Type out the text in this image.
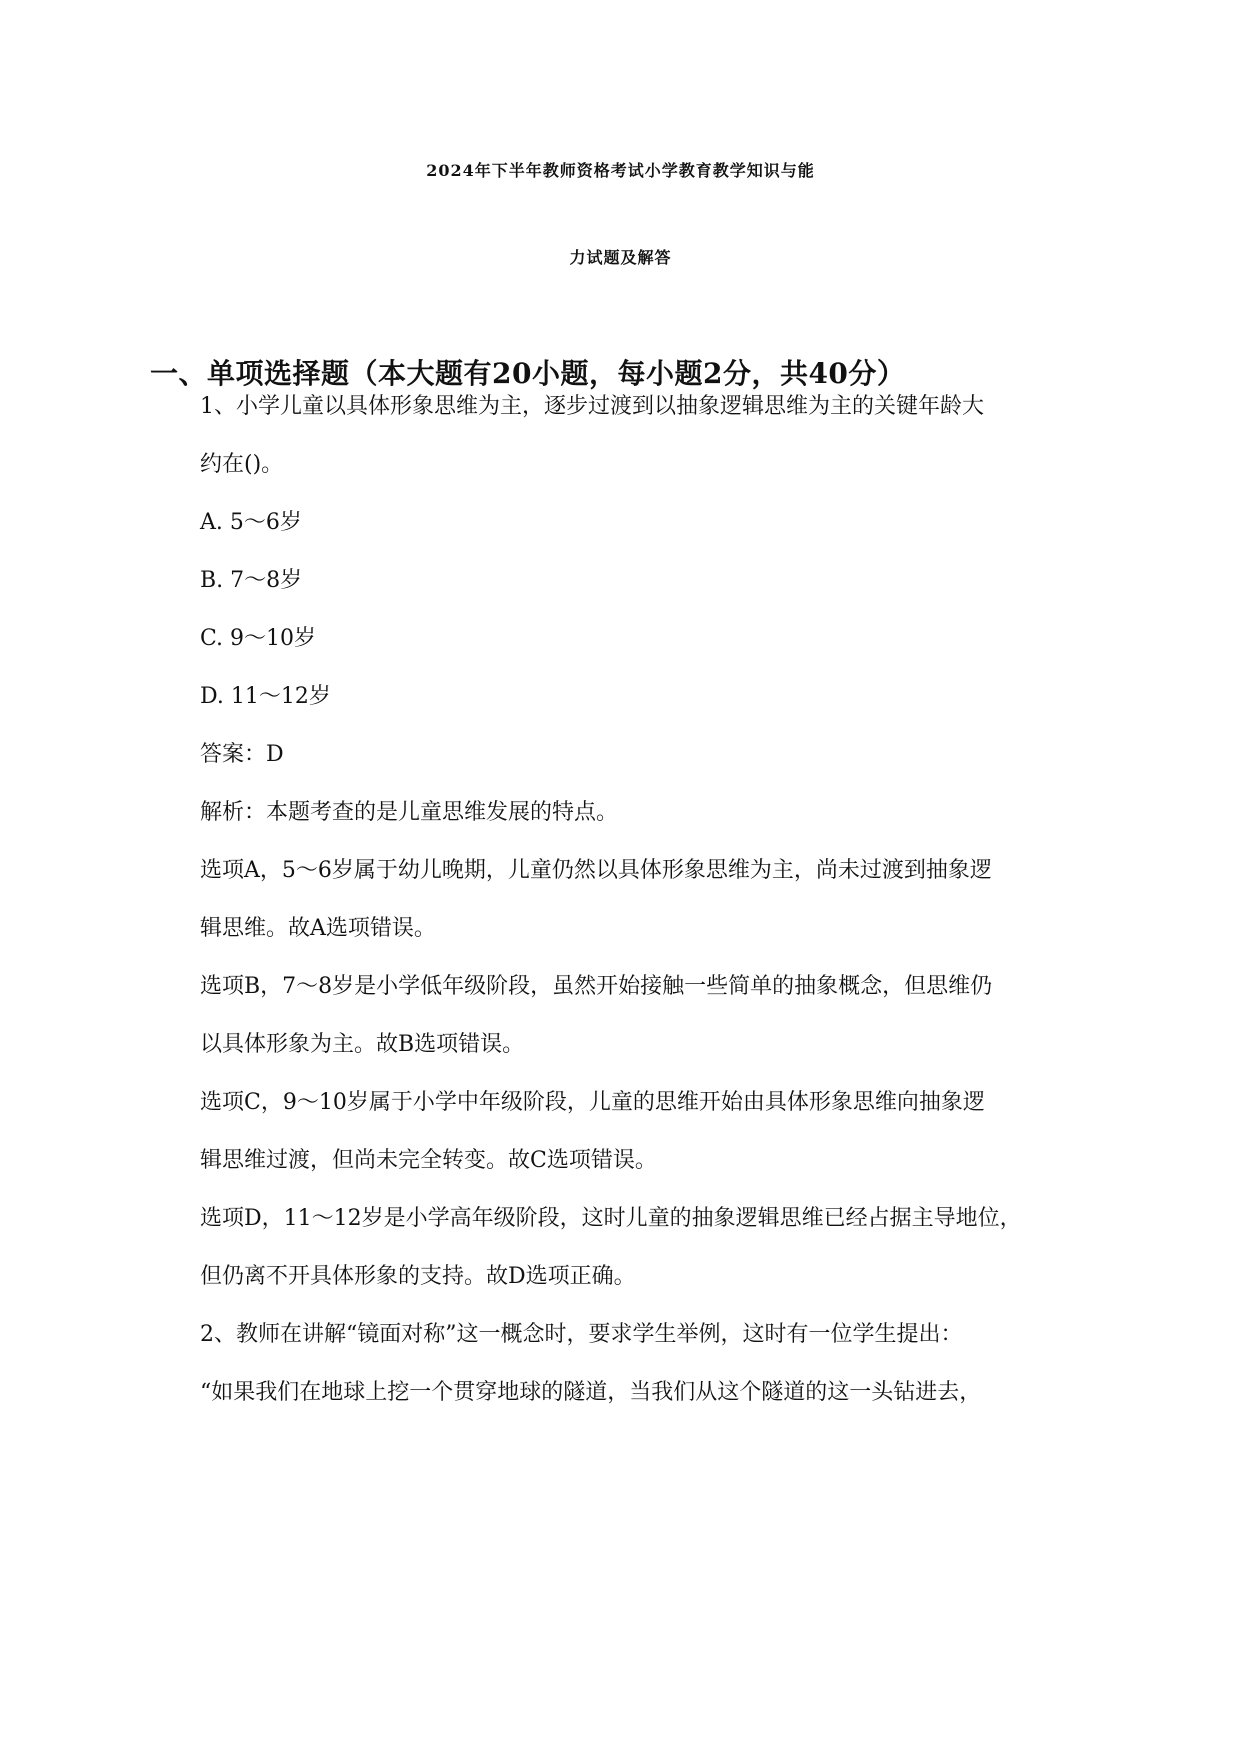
2024年下半年教师资格考试小学教育教学知识与能
力试题及解答
一、单项选择题（本大题有20小题，每小题2分，共40分）
1、小学儿童以具体形象思维为主，逐步过渡到以抽象逻辑思维为主的关键年龄大
约在()。
A. 5～6岁
B. 7～8岁
C. 9～10岁
D. 11～12岁
答案：D
解析：本题考查的是儿童思维发展的特点。
选项A，5～6岁属于幼儿晚期，儿童仍然以具体形象思维为主，尚未过渡到抽象逻
辑思维。故A选项错误。
选项B，7～8岁是小学低年级阶段，虽然开始接触一些简单的抽象概念，但思维仍
以具体形象为主。故B选项错误。
选项C，9～10岁属于小学中年级阶段，儿童的思维开始由具体形象思维向抽象逻
辑思维过渡，但尚未完全转变。故C选项错误。
选项D，11～12岁是小学高年级阶段，这时儿童的抽象逻辑思维已经占据主导地位，
但仍离不开具体形象的支持。故D选项正确。
2、教师在讲解“镜面对称”这一概念时，要求学生举例，这时有一位学生提出：
“如果我们在地球上挖一个贯穿地球的隧道，当我们从这个隧道的这一头钻进去，
